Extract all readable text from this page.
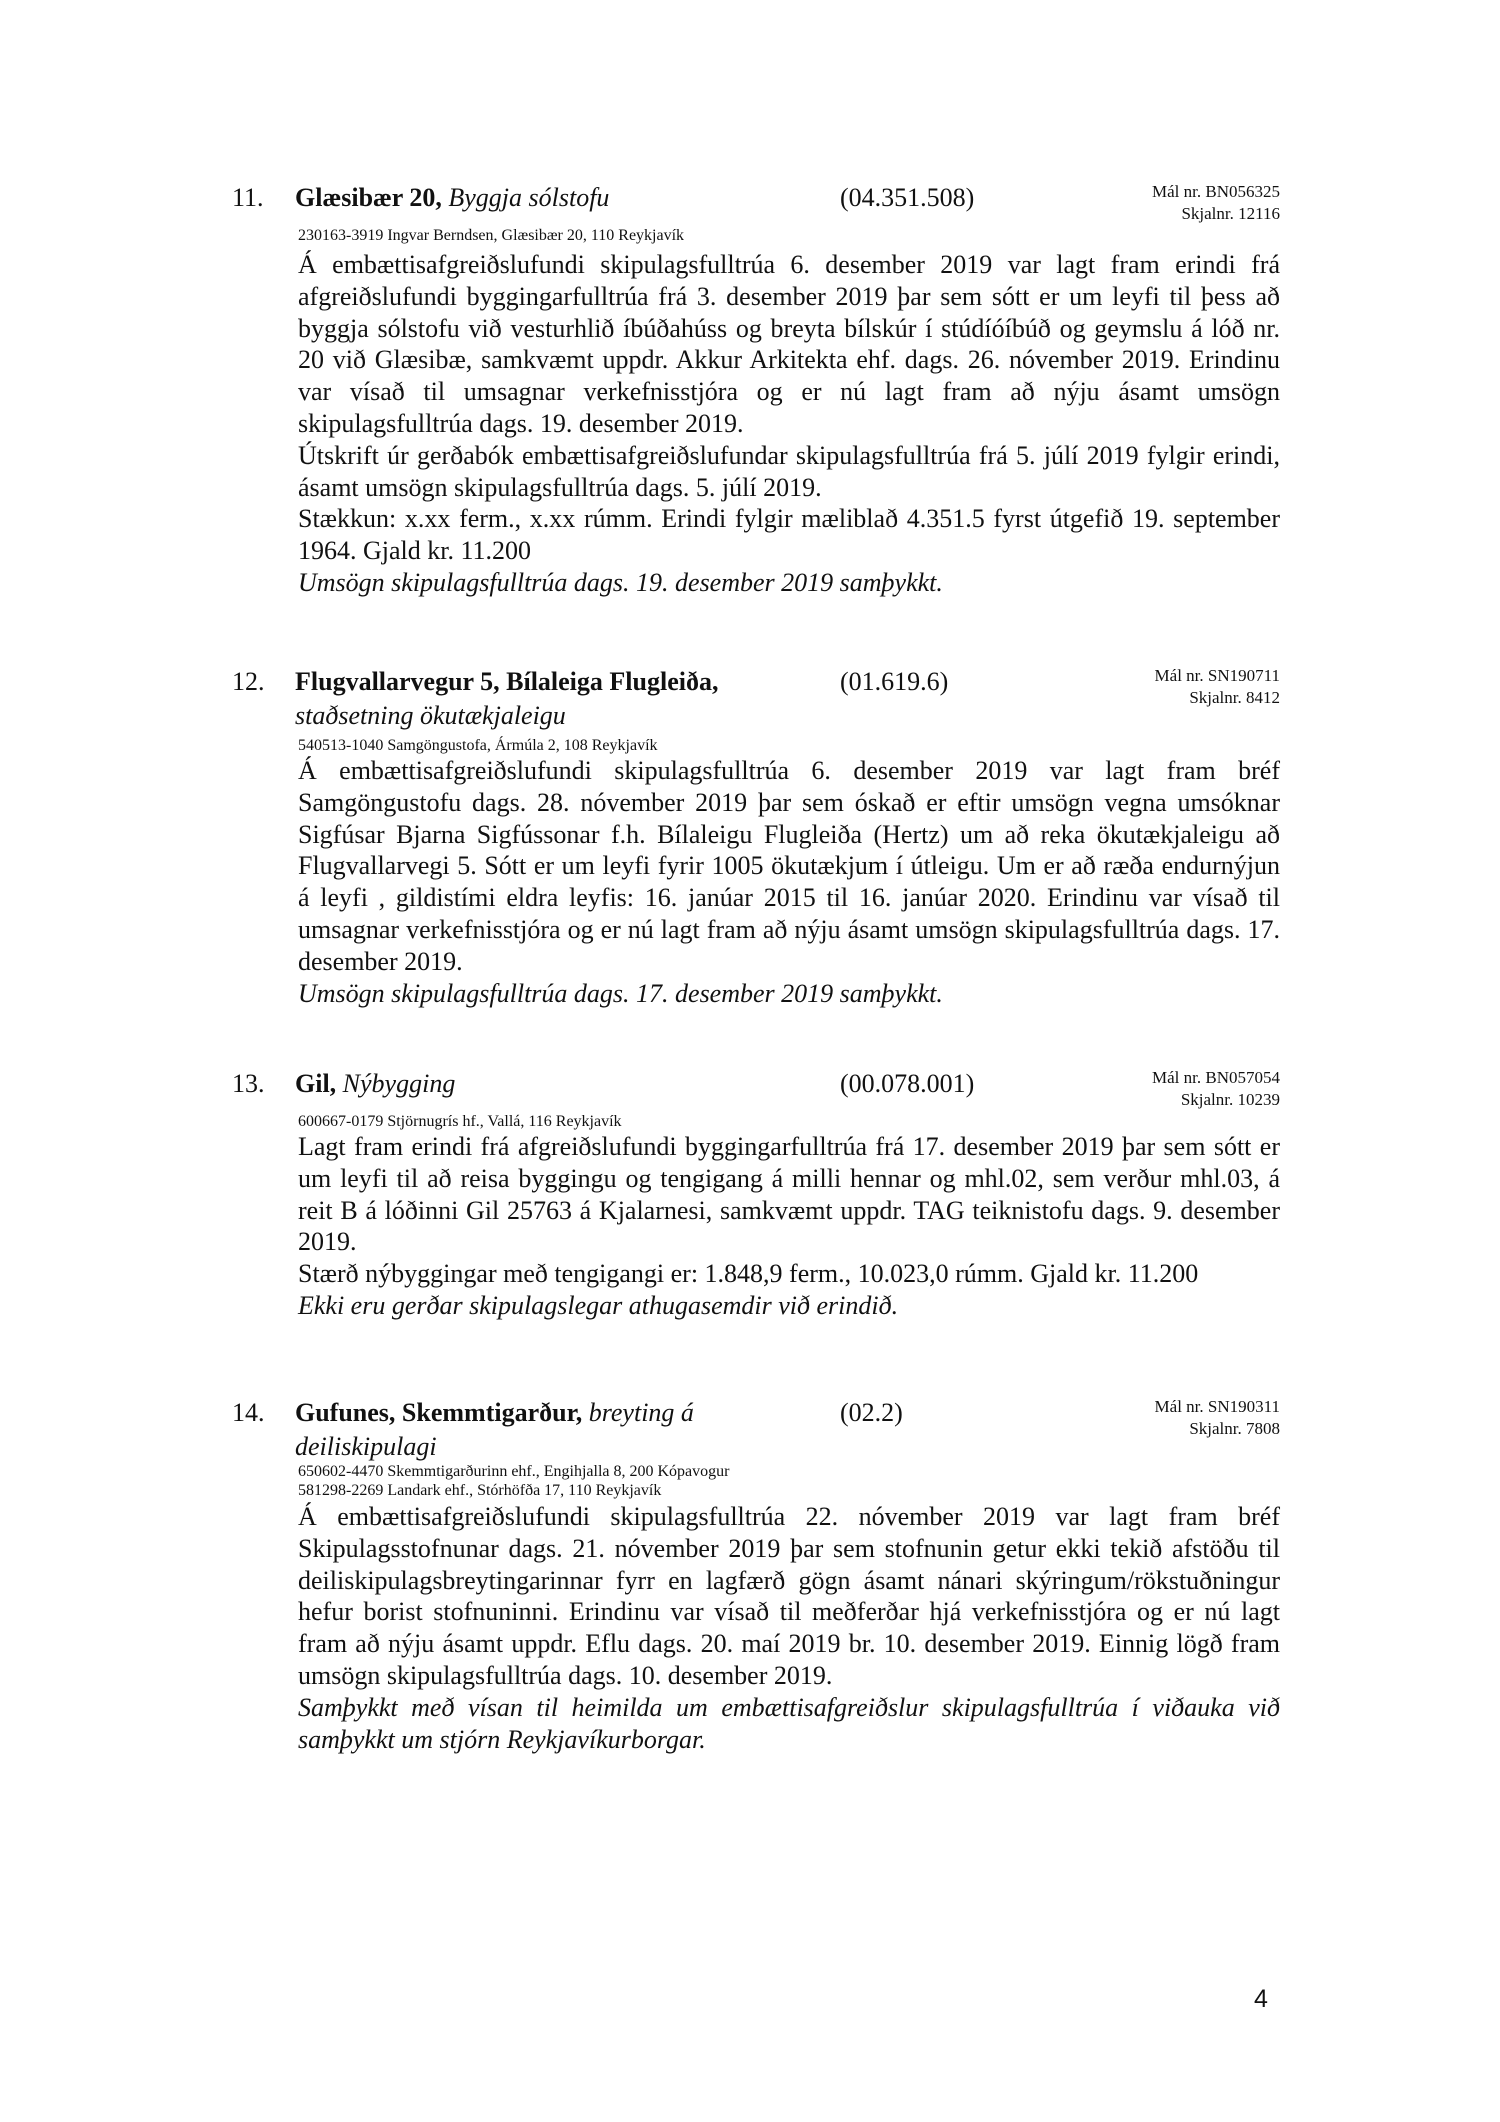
11. Glæsibær 20, Byggja sólstofu	(04.351.508)	Mál nr. BN056325
Skjalnr. 12116
230163-3919 Ingvar Berndsen, Glæsibær 20, 110 Reykjavík

Á embættisafgreiðslufundi skipulagsfulltrúa 6. desember 2019 var lagt fram erindi frá afgreiðslufundi byggingarfulltrúa frá 3. desember 2019 þar sem sótt er um leyfi til þess að byggja sólstofu við vesturhlið íbúðahúss og breyta bílskúr í stúdíóíbúð og geymslu á lóð nr. 20 við Glæsibæ, samkvæmt uppdr. Akkur Arkitekta ehf. dags. 26. nóvember 2019. Erindinu var vísað til umsagnar verkefnisstjóra og er nú lagt fram að nýju ásamt umsögn skipulagsfulltrúa dags. 19. desember 2019.

Útskrift úr gerðabók embættisafgreiðslufundar skipulagsfulltrúa frá 5. júlí 2019 fylgir erindi, ásamt umsögn skipulagsfulltrúa dags. 5. júlí 2019.

Stækkun: x.xx ferm., x.xx rúmm. Erindi fylgir mæliblað 4.351.5 fyrst útgefið 19. september 1964. Gjald kr. 11.200

Umsögn skipulagsfulltrúa dags. 19. desember 2019 samþykkt.

12. Flugvallarvegur 5, Bílaleiga Flugleiða,
staðsetning ökutækjaleigu
(01.619.6)	Mál nr. SN190711
Skjalnr. 8412
540513-1040 Samgöngustofa, Ármúla 2, 108 Reykjavík

Á embættisafgreiðslufundi skipulagsfulltrúa 6. desember 2019 var lagt fram bréf Samgöngustofu dags. 28. nóvember 2019 þar sem óskað er eftir umsögn vegna umsóknar Sigfúsar Bjarna Sigfússonar f.h. Bílaleigu Flugleiða (Hertz) um að reka ökutækjaleigu að Flugvallarvegi 5. Sótt er um leyfi fyrir 1005 ökutækjum í útleigu. Um er að ræða endurnýjun á leyfi , gildistími eldra leyfis: 16. janúar 2015 til 16. janúar 2020. Erindinu var vísað til umsagnar verkefnisstjóra og er nú lagt fram að nýju ásamt umsögn skipulagsfulltrúa dags. 17. desember 2019.

Umsögn skipulagsfulltrúa dags. 17. desember 2019 samþykkt.

13. Gil, Nýbygging	(00.078.001)	Mál nr. BN057054
Skjalnr. 10239
600667-0179 Stjörnugrís hf., Vallá, 116 Reykjavík

Lagt fram erindi frá afgreiðslufundi byggingarfulltrúa frá 17. desember 2019 þar sem sótt er um leyfi til að reisa byggingu og tengigang á milli hennar og mhl.02, sem verður mhl.03, á reit B á lóðinni Gil 25763 á Kjalarnesi, samkvæmt uppdr. TAG teiknistofu dags. 9. desember 2019.

Stærð nýbyggingar með tengigangi er: 1.848,9 ferm., 10.023,0 rúmm. Gjald kr. 11.200

Ekki eru gerðar skipulagslegar athugasemdir við erindið.

14. Gufunes, Skemmtigarður, breyting á deiliskipulagi
(02.2)	Mál nr. SN190311
Skjalnr. 7808
650602-4470 Skemmtigarðurinn ehf., Engihjalla 8, 200 Kópavogur
581298-2269 Landark ehf., Stórhöfða 17, 110 Reykjavík

Á embættisafgreiðslufundi skipulagsfulltrúa 22. nóvember 2019 var lagt fram bréf Skipulagsstofnunar dags. 21. nóvember 2019 þar sem stofnunin getur ekki tekið afstöðu til deiliskipulagsbreytingarinnar fyrr en lagfærð gögn ásamt nánari skýringum/rökstuðningur hefur borist stofnuninni. Erindinu var vísað til meðferðar hjá verkefnisstjóra og er nú lagt fram að nýju ásamt uppdr. Eflu dags. 20. maí 2019 br. 10. desember 2019. Einnig lögð fram umsögn skipulagsfulltrúa dags. 10. desember 2019.

Samþykkt með vísan til heimilda um embættisafgreiðslur skipulagsfulltrúa í viðauka við samþykkt um stjórn Reykjavíkurborgar.

4
